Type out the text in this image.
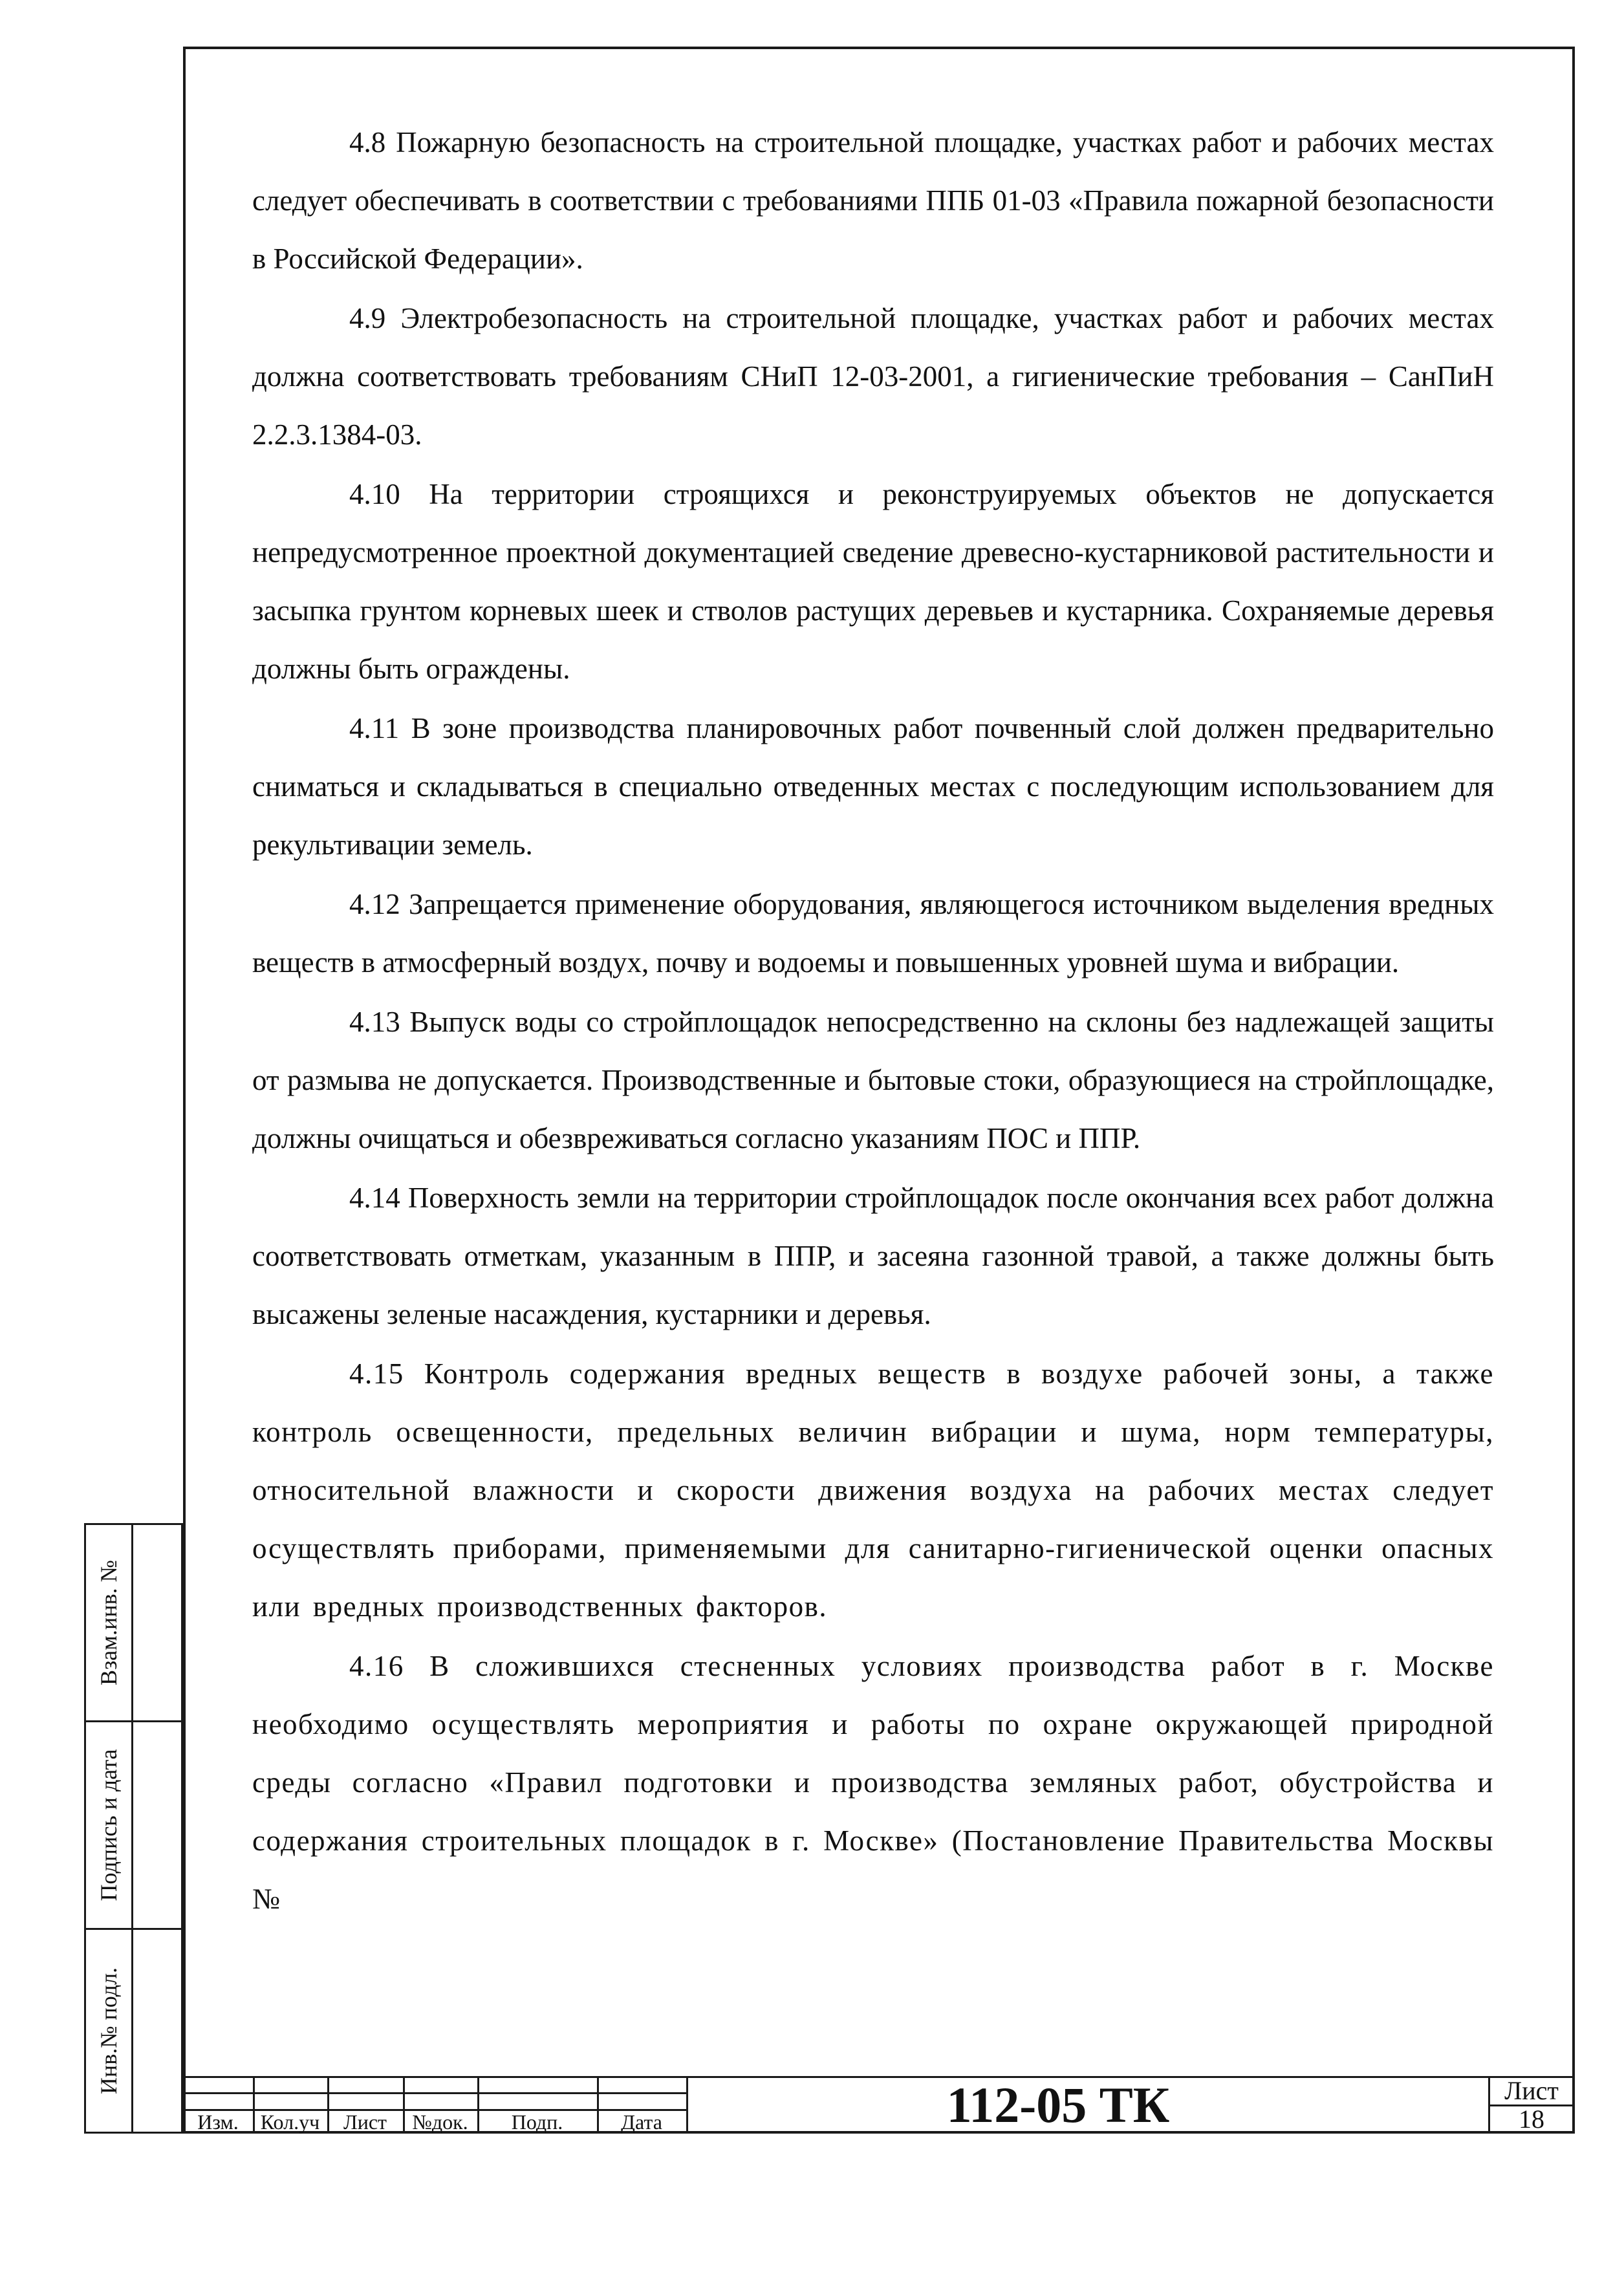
4.8 Пожарную безопасность на строительной площадке, участках работ и рабочих местах следует обеспечивать в соответствии с требованиями ППБ 01-03 «Правила пожарной безопасности в Российской Федерации».

4.9 Электробезопасность на строительной площадке, участках работ и рабочих местах должна соответствовать требованиям СНиП 12-03-2001, а гигиенические требования – СанПиН 2.2.3.1384-03.

4.10 На территории строящихся и реконструируемых объектов не допускается непредусмотренное проектной документацией сведение древесно-кустарниковой растительности и засыпка грунтом корневых шеек и стволов растущих деревьев и кустарника. Сохраняемые деревья должны быть ограждены.

4.11 В зоне производства планировочных работ почвенный слой должен предварительно сниматься и складываться в специально отведенных местах с последующим использованием для рекультивации земель.

4.12 Запрещается применение оборудования, являющегося источником выделения вредных веществ в атмосферный воздух, почву и водоемы и повышенных уровней шума и вибрации.

4.13 Выпуск воды со стройплощадок непосредственно на склоны без надлежащей защиты от размыва не допускается. Производственные и бытовые стоки, образующиеся на стройплощадке, должны очищаться и обезвреживаться согласно указаниям ПОС и ППР.

4.14 Поверхность земли на территории стройплощадок после окончания всех работ должна соответствовать отметкам, указанным в ППР, и засеяна газонной травой, а также должны быть высажены зеленые насаждения, кустарники и деревья.

4.15 Контроль содержания вредных веществ в воздухе рабочей зоны, а также контроль освещенности, предельных величин вибрации и шума, норм температуры, относительной влажности и скорости движения воздуха на рабочих местах следует осуществлять приборами, применяемыми для санитарно-гигиенической оценки опасных или вредных производственных факторов.

4.16 В сложившихся стесненных условиях производства работ в г. Москве необходимо осуществлять мероприятия и работы по охране окружающей природной среды согласно «Правил подготовки и производства земляных работ, обустройства и содержания строительных площадок в г. Москве» (Постановление Правительства Москвы №

Взам.инв. №
Подпись и дата
Инв.№ подл.
Изм.	Кол.уч	Лист	№док.	Подп.	Дата	112-05 ТК	Лист
18
